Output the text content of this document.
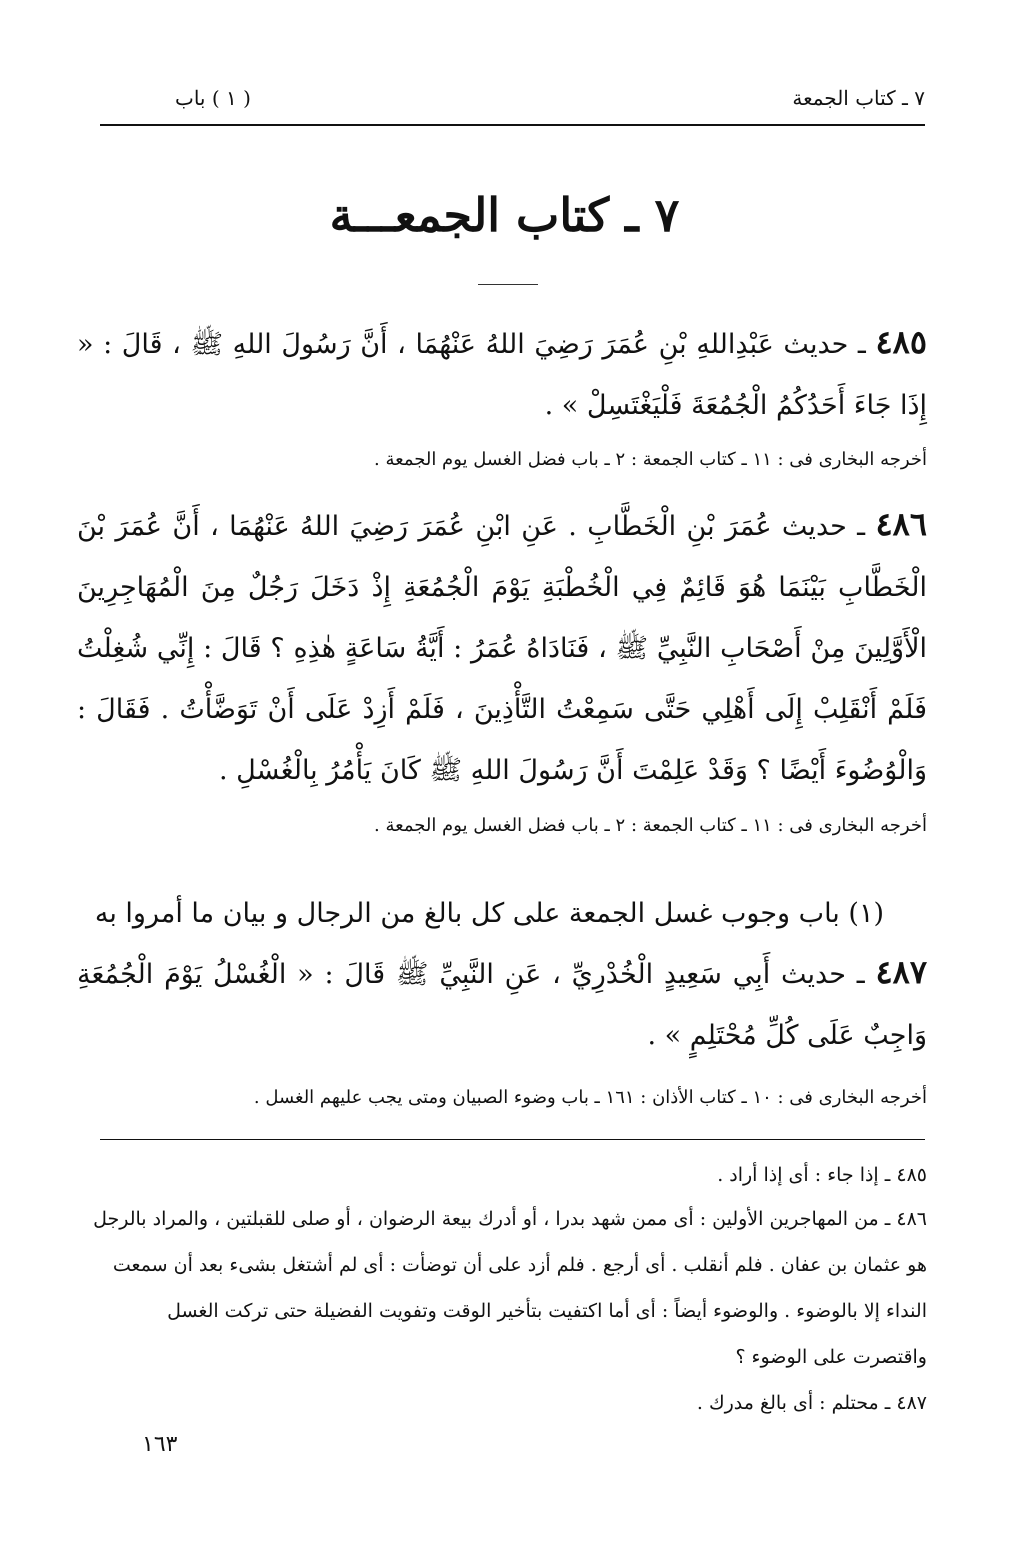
٧ ـ كتاب الجمعة
( ١ ) باب
٧ ـ كتاب الجمعـــة
٤٨٥ ـ حديث عَبْدِاللهِ بْنِ عُمَرَ رَضِيَ اللهُ عَنْهُمَا ، أَنَّ رَسُولَ اللهِ ﷺ ، قَالَ : « إِذَا جَاءَ أَحَدُكُمُ الْجُمُعَةَ فَلْيَغْتَسِلْ » .
أخرجه البخارى فى : ١١ ـ كتاب الجمعة : ٢ ـ باب فضل الغسل يوم الجمعة .
٤٨٦ ـ حديث عُمَرَ بْنِ الْخَطَّابِ . عَنِ ابْنِ عُمَرَ رَضِيَ اللهُ عَنْهُمَا ، أَنَّ عُمَرَ بْنَ الْخَطَّابِ بَيْنَمَا هُوَ قَائِمٌ فِي الْخُطْبَةِ يَوْمَ الْجُمُعَةِ إِذْ دَخَلَ رَجُلٌ مِنَ الْمُهَاجِرِينَ الْأَوَّلِينَ مِنْ أَصْحَابِ النَّبِيِّ ﷺ ، فَنَادَاهُ عُمَرُ : أَيَّةُ سَاعَةٍ هٰذِهِ ؟ قَالَ : إِنِّي شُغِلْتُ فَلَمْ أَنْقَلِبْ إِلَى أَهْلِي حَتَّى سَمِعْتُ التَّأْذِينَ ، فَلَمْ أَزِدْ عَلَى أَنْ تَوَضَّأْتُ . فَقَالَ : وَالْوُضُوءَ أَيْضًا ؟ وَقَدْ عَلِمْتَ أَنَّ رَسُولَ اللهِ ﷺ كَانَ يَأْمُرُ بِالْغُسْلِ .
أخرجه البخارى فى : ١١ ـ كتاب الجمعة : ٢ ـ باب فضل الغسل يوم الجمعة .
(١) باب وجوب غسل الجمعة على كل بالغ من الرجال و بيان ما أمروا به
٤٨٧ ـ حديث أَبِي سَعِيدٍ الْخُدْرِيِّ ، عَنِ النَّبِيِّ ﷺ قَالَ : « الْغُسْلُ يَوْمَ الْجُمُعَةِ وَاجِبٌ عَلَى كُلِّ مُحْتَلِمٍ » .
أخرجه البخارى فى : ١٠ ـ كتاب الأذان : ١٦١ ـ باب وضوء الصبيان ومتى يجب عليهم الغسل .
٤٨٥ ـ إذا جاء : أى إذا أراد .
٤٨٦ ـ من المهاجرين الأولين : أى ممن شهد بدرا ، أو أدرك بيعة الرضوان ، أو صلى للقبلتين ، والمراد بالرجل هو عثمان بن عفان . فلم أنقلب . أى أرجع . فلم أزد على أن توضأت : أى لم أشتغل بشىء بعد أن سمعت النداء إلا بالوضوء . والوضوء أيضاً : أى أما اكتفيت بتأخير الوقت وتفويت الفضيلة حتى تركت الغسل واقتصرت على الوضوء ؟
٤٨٧ ـ محتلم : أى بالغ مدرك .
١٦٣
